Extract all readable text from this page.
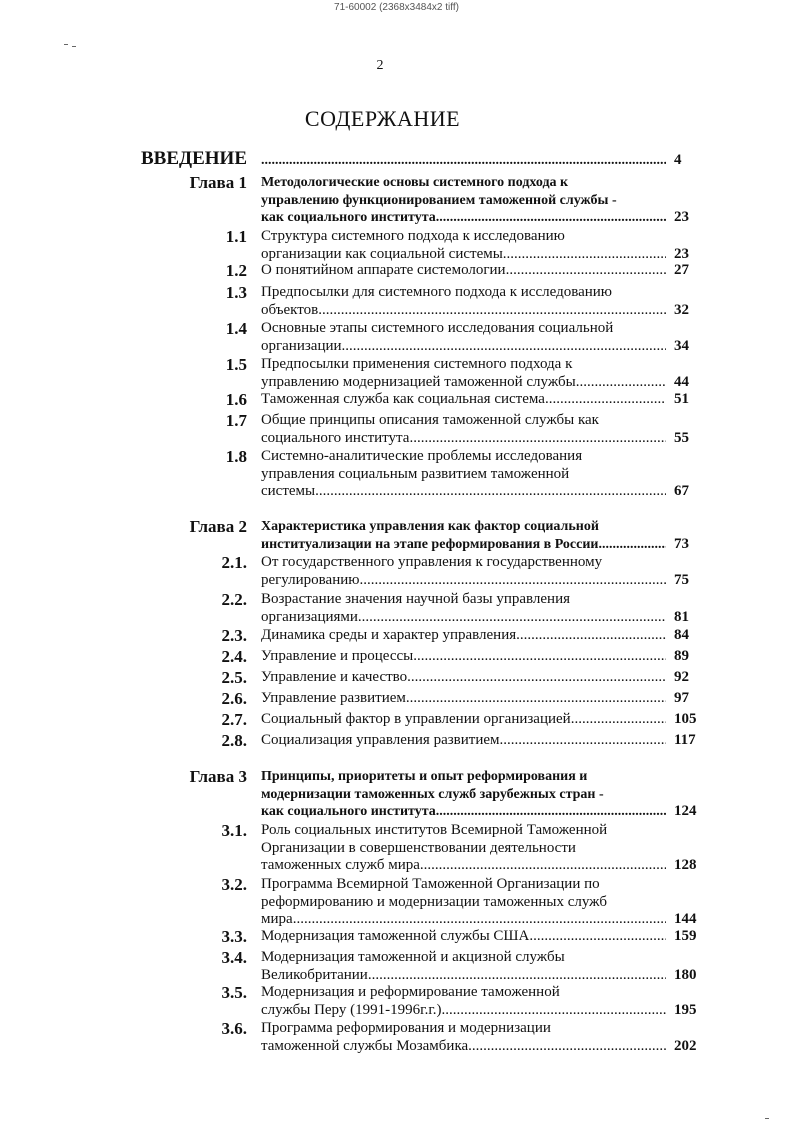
71-60002 (2368x3484x2 tiff)
2
СОДЕРЖАНИЕ
ВВЕДЕНИЕ .....	4
Глава 1 Методологические основы системного подхода к
управлению функционированием таможенной службы -
как социального института .....	23
1.1 Структура системного подхода к исследованию
организации как социальной системы .....	23
1.2 О понятийном аппарате системологии .....	27
1.3 Предпосылки для системного подхода к исследованию
объектов .....	32
1.4 Основные этапы системного исследования социальной
организации .....	34
1.5 Предпосылки применения системного подхода к
управлению модернизацией таможенной службы .....	44
1.6 Таможенная служба как социальная система .....	51
1.7 Общие принципы описания таможенной службы как
социального института .....	55
1.8 Системно-аналитические проблемы исследования
управления социальным развитием таможенной
системы .....	67
Глава 2 Характеристика управления как фактор социальной
институализации на этапе реформирования в России .....	73
2.1. От государственного управления к государственному
регулированию .....	75
2.2. Возрастание значения научной базы управления
организациями .....	81
2.3. Динамика среды и характер управления .....	84
2.4. Управление и процессы .....	89
2.5. Управление и качество .....	92
2.6. Управление развитием .....	97
2.7. Социальный фактор в управлении организацией .....	105
2.8. Социализация управления развитием .....	117
Глава 3 Принципы, приоритеты и опыт реформирования и
модернизации таможенных служб зарубежных стран -
как социального института .....	124
3.1. Роль социальных институтов Всемирной Таможенной
Организации в совершенствовании деятельности
таможенных служб мира .....	128
3.2. Программа Всемирной Таможенной Организации по
реформированию и модернизации таможенных служб
мира .....	144
3.3. Модернизация таможенной службы США .....	159
3.4. Модернизация таможенной и акцизной службы
Великобритании .....	180
3.5. Модернизация и реформирование таможенной
службы Перу (1991-1996г.г.) .....	195
3.6. Программа реформирования и модернизации
таможенной службы Мозамбика .....	202
